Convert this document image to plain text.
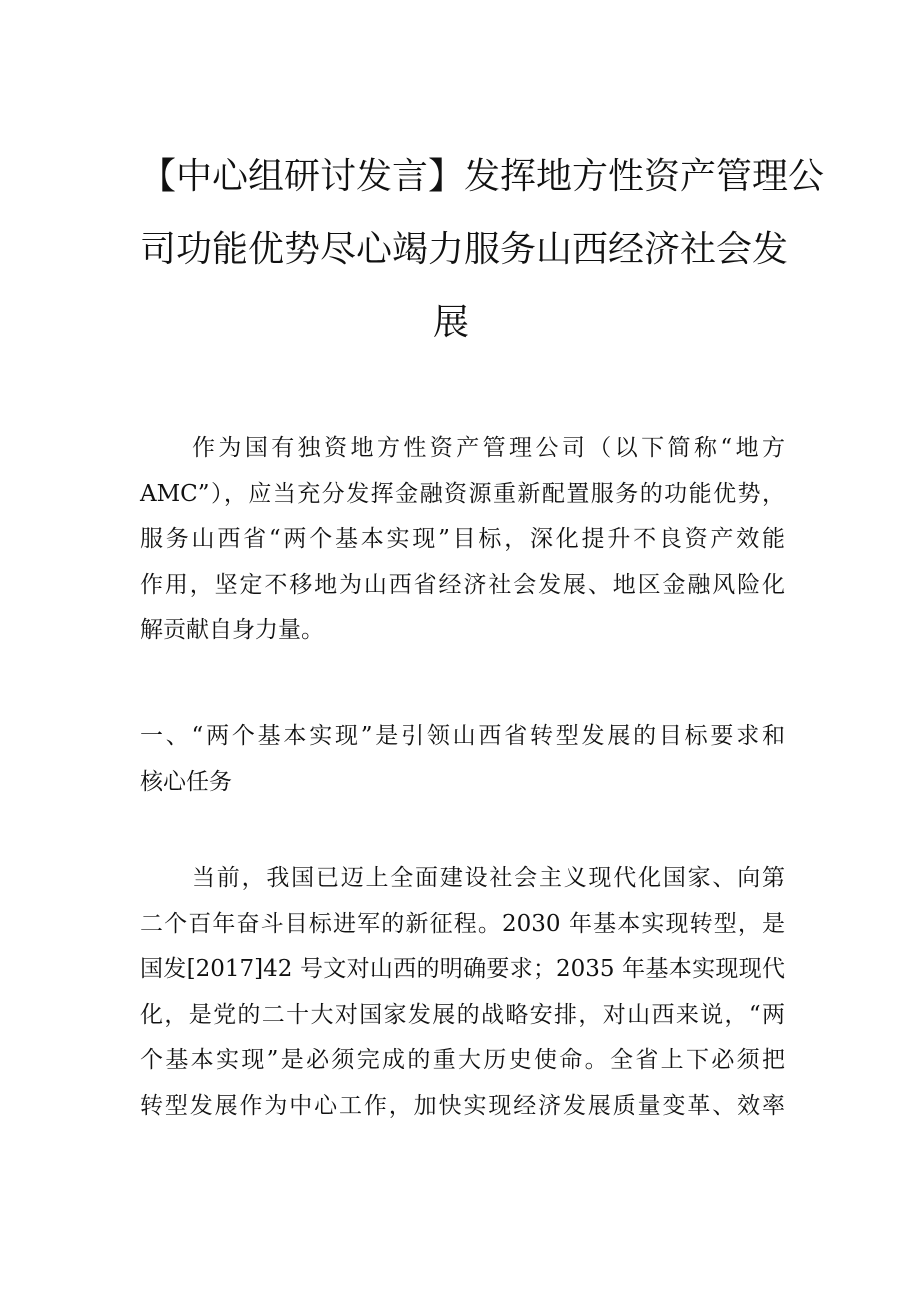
【中心组研讨发言】发挥地方性资产管理公
司功能优势尽心竭力服务山西经济社会发
展
作为国有独资地方性资产管理公司（以下简称“地方
AMC”），应当充分发挥金融资源重新配置服务的功能优势，
服务山西省“两个基本实现”目标，深化提升不良资产效能
作用，坚定不移地为山西省经济社会发展、地区金融风险化
解贡献自身力量。
一、“两个基本实现”是引领山西省转型发展的目标要求和
核心任务
当前，我国已迈上全面建设社会主义现代化国家、向第
二个百年奋斗目标进军的新征程。2030 年基本实现转型，是
国发[2017]42 号文对山西的明确要求；2035 年基本实现现代
化，是党的二十大对国家发展的战略安排，对山西来说，“两
个基本实现”是必须完成的重大历史使命。全省上下必须把
转型发展作为中心工作，加快实现经济发展质量变革、效率
